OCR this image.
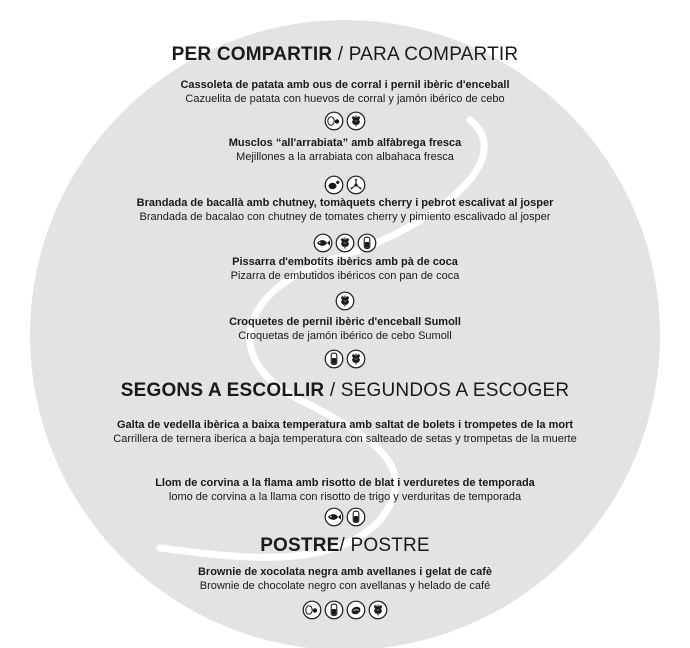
PER COMPARTIR / PARA COMPARTIR
Cassoleta de patata amb ous de corral i pernil ibèric d'enceball
Cazuelita de patata con huevos de corral y jamón ibérico de cebo
Musclos “all'arrabiata” amb alfàbrega fresca
Mejillones a la arrabiata con albahaca fresca
Brandada de bacallà amb chutney, tomàquets cherry i pebrot escalivat al josper
Brandada de bacalao con chutney de tomates cherry y pimiento escalivado al josper
Pissarra d'embotits ibèrics amb pà de coca
Pizarra de embutidos ibéricos con pan de coca
Croquetes de pernil ibèric d'enceball Sumoll
Croquetas de jamón ibérico de cebo Sumoll
SEGONS A ESCOLLIR / SEGUNDOS A ESCOGER
Galta de vedella ibèrica a baixa temperatura amb saltat de bolets i trompetes de la mort
Carrillera de ternera iberica a baja temperatura con salteado de setas y trompetas de la muerte
Llom de corvina a la flama amb risotto de blat i verduretes de temporada
lomo de corvina a la llama con risotto de trigo y verduritas de temporada
POSTRE/ POSTRE
Brownie de xocolata negra amb avellanes i gelat de cafè
Brownie de chocolate negro con avellanas y helado de café
